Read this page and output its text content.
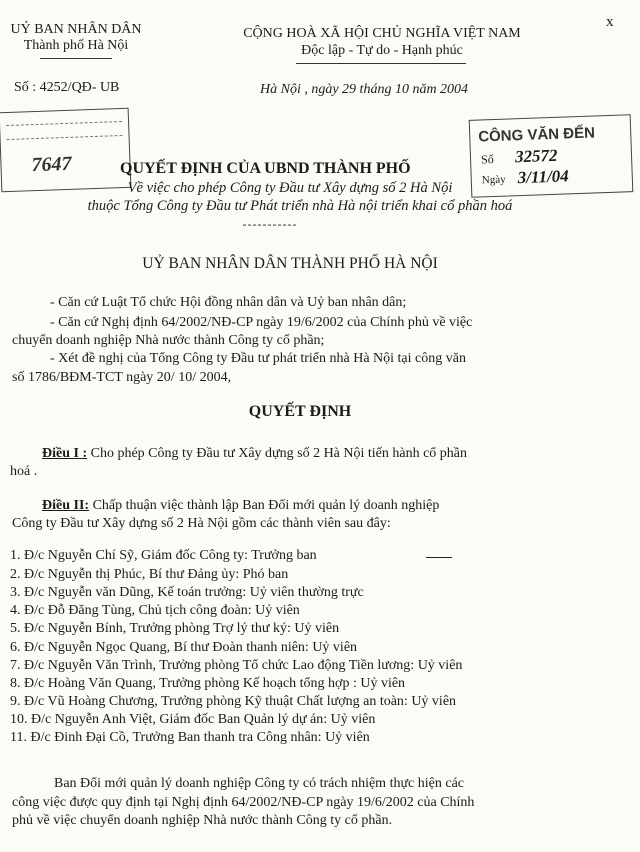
UỶ BAN NHÂN DÂN
Thành phố Hà Nội
Số : 4252/QĐ- UB
CỘNG HOÀ XÃ HỘI CHỦ NGHĨA VIỆT NAM
Độc lập - Tự do - Hạnh phúc
Hà Nội , ngày 29 tháng 10 năm 2004
x
7647
CÔNG VĂN ĐẾN
Số 32572
Ngày 3/11/04
QUYẾT ĐỊNH CỦA UBND THÀNH PHỐ
Về việc cho phép Công ty Đầu tư Xây dựng số 2 Hà Nội
thuộc Tổng Công ty Đầu tư Phát triển nhà Hà nội triển khai cổ phần hoá
-----------
UỶ BAN NHÂN DÂN THÀNH PHỐ HÀ NỘI
- Căn cứ Luật Tổ chức Hội đồng nhân dân và Uỷ ban nhân dân;
- Căn cứ Nghị định 64/2002/NĐ-CP ngày 19/6/2002 của Chính phủ về việc
chuyển doanh nghiệp Nhà nước thành Công ty cổ phần;
- Xét đề nghị của Tổng Công ty Đầu tư phát triển nhà Hà Nội tại công văn
số 1786/BĐM-TCT ngày 20/ 10/ 2004,
QUYẾT ĐỊNH
Điều I : Cho phép Công ty Đầu tư Xây dựng số 2 Hà Nội tiến hành cổ phần
hoá .
Điều II: Chấp thuận việc thành lập Ban Đổi mới quản lý doanh nghiệp
Công ty Đầu tư Xây dựng số 2 Hà Nội gồm các thành viên sau đây:
1. Đ/c Nguyễn Chí Sỹ, Giám đốc Công ty: Trưởng ban
2. Đ/c Nguyễn thị Phúc, Bí thư Đảng ủy: Phó ban
3. Đ/c Nguyễn văn Dũng, Kế toán trưởng: Uỷ viên thường trực
4. Đ/c Đỗ Đăng Tùng, Chủ tịch công đoàn: Uỷ viên
5. Đ/c Nguyễn Bính, Trưởng phòng Trợ lý thư ký: Uỷ viên
6. Đ/c Nguyễn Ngọc Quang, Bí thư Đoàn thanh niên: Uỷ viên
7. Đ/c Nguyễn Văn Trình, Trưởng phòng Tổ chức Lao động Tiền lương: Uỷ viên
8. Đ/c Hoàng Văn Quang, Trưởng phòng Kế hoạch tổng hợp : Uỷ viên
9. Đ/c Vũ Hoàng Chương, Trưởng phòng Kỹ thuật Chất lượng an toàn: Uỷ viên
10. Đ/c Nguyễn Anh Việt, Giám đốc Ban Quản lý dự án: Uỷ viên
11. Đ/c Đinh Đại Cồ, Trưởng Ban thanh tra Công nhân: Uỷ viên
Ban Đổi mới quản lý doanh nghiệp Công ty có trách nhiệm thực hiện các
công việc được quy định tại Nghị định 64/2002/NĐ-CP ngày 19/6/2002 của Chính
phủ về việc chuyển doanh nghiệp Nhà nước thành Công ty cổ phần.
